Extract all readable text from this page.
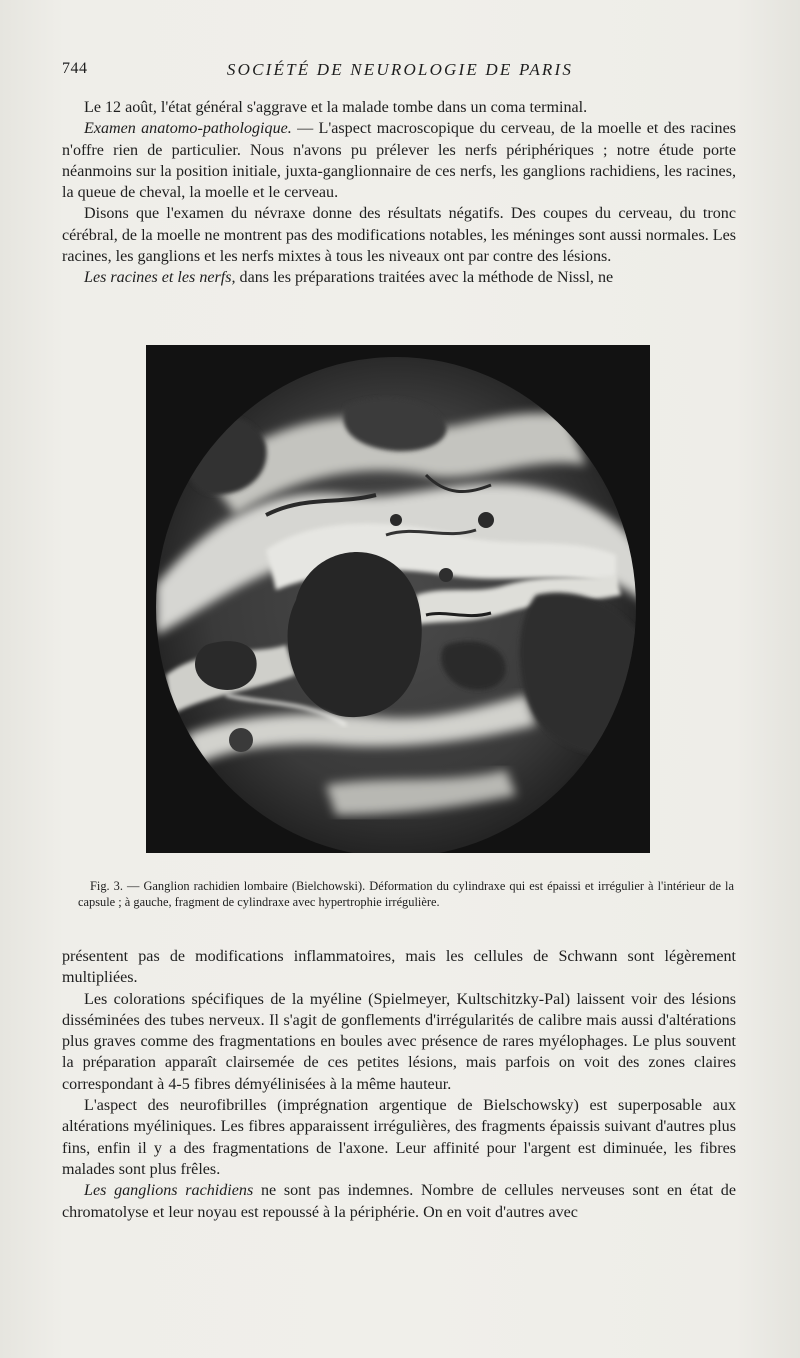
744	SOCIÉTÉ DE NEUROLOGIE DE PARIS

Le 12 août, l'état général s'aggrave et la malade tombe dans un coma terminal.

Examen anatomo-pathologique. — L'aspect macroscopique du cerveau, de la moelle et des racines n'offre rien de particulier. Nous n'avons pu prélever les nerfs périphériques ; notre étude porte néanmoins sur la position initiale, juxta-ganglionnaire de ces nerfs, les ganglions rachidiens, les racines, la queue de cheval, la moelle et le cerveau.

Disons que l'examen du névraxe donne des résultats négatifs. Des coupes du cerveau, du tronc cérébral, de la moelle ne montrent pas des modifications notables, les méninges sont aussi normales. Les racines, les ganglions et les nerfs mixtes à tous les niveaux ont par contre des lésions.

Les racines et les nerfs, dans les préparations traitées avec la méthode de Nissl, ne

Fig. 3. — Ganglion rachidien lombaire (Bielchowski). Déformation du cylindraxe qui est épaissi et irrégulier à l'intérieur de la capsule ; à gauche, fragment de cylindraxe avec hypertrophie irrégulière.

présentent pas de modifications inflammatoires, mais les cellules de Schwann sont légèrement multipliées.

Les colorations spécifiques de la myéline (Spielmeyer, Kultschitzky-Pal) laissent voir des lésions disséminées des tubes nerveux. Il s'agit de gonflements d'irrégularités de calibre mais aussi d'altérations plus graves comme des fragmentations en boules avec présence de rares myélophages. Le plus souvent la préparation apparaît clairsemée de ces petites lésions, mais parfois on voit des zones claires correspondant à 4-5 fibres démyélinisées à la même hauteur.

L'aspect des neurofibrilles (imprégnation argentique de Bielschowsky) est superposable aux altérations myéliniques. Les fibres apparaissent irrégulières, des fragments épaissis suivant d'autres plus fins, enfin il y a des fragmentations de l'axone. Leur affinité pour l'argent est diminuée, les fibres malades sont plus frêles.

Les ganglions rachidiens ne sont pas indemnes. Nombre de cellules nerveuses sont en état de chromatolyse et leur noyau est repoussé à la périphérie. On en voit d'autres avec
